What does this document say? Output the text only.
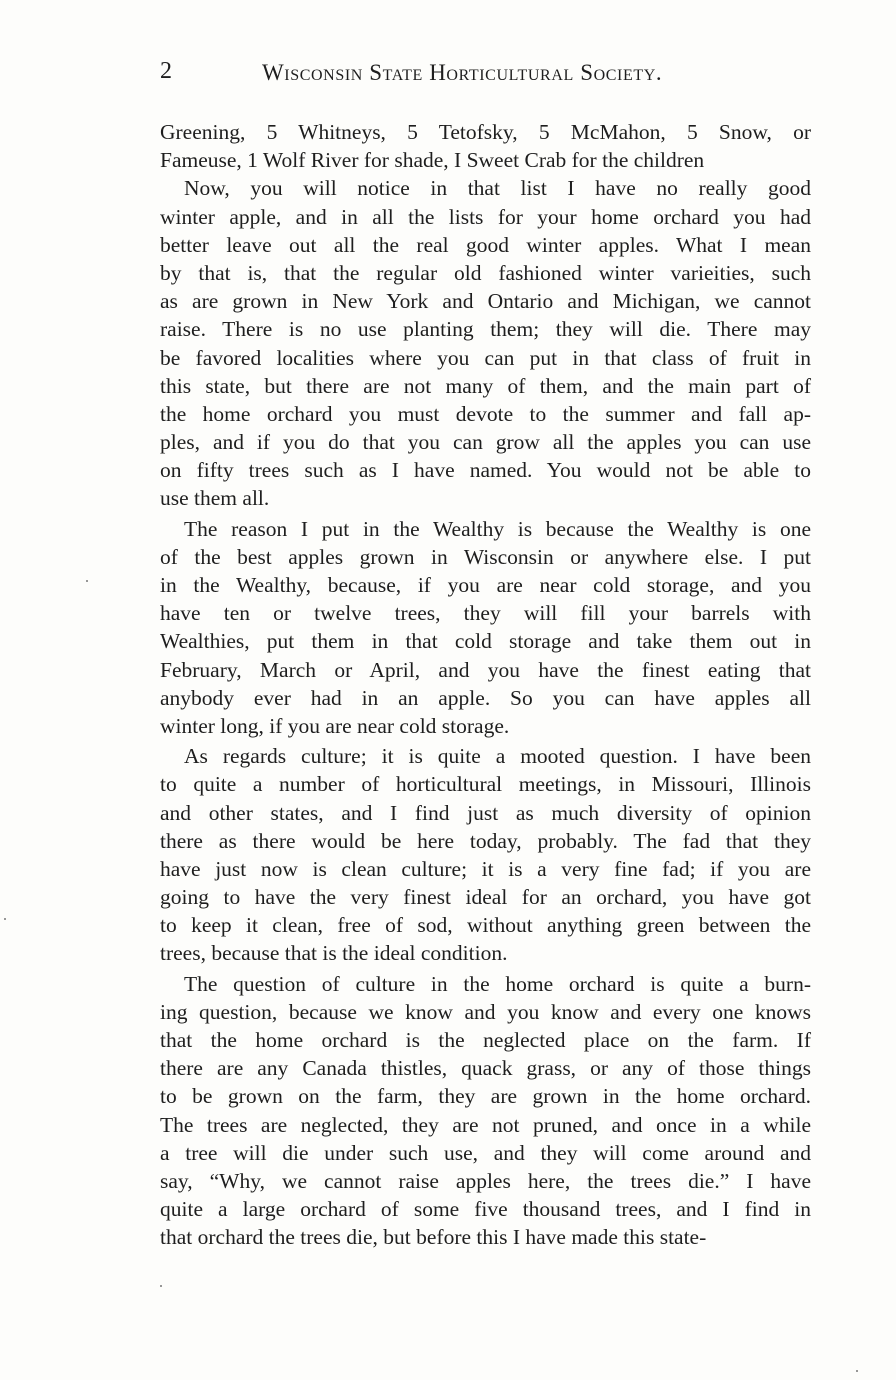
2	Wisconsin State Horticultural Society.
Greening, 5 Whitneys, 5 Tetofsky, 5 McMahon, 5 Snow, or
Fameuse, 1 Wolf River for shade, I Sweet Crab for the children
Now, you will notice in that list I have no really good
winter apple, and in all the lists for your home orchard you had
better leave out all the real good winter apples. What I mean
by that is, that the regular old fashioned winter varieities, such
as are grown in New York and Ontario and Michigan, we cannot
raise. There is no use planting them; they will die. There may
be favored localities where you can put in that class of fruit in
this state, but there are not many of them, and the main part of
the home orchard you must devote to the summer and fall ap-
ples, and if you do that you can grow all the apples you can use
on fifty trees such as I have named. You would not be able to
use them all.
The reason I put in the Wealthy is because the Wealthy is one
of the best apples grown in Wisconsin or anywhere else. I put
in the Wealthy, because, if you are near cold storage, and you
have ten or twelve trees, they will fill your barrels with
Wealthies, put them in that cold storage and take them out in
February, March or April, and you have the finest eating that
anybody ever had in an apple. So you can have apples all
winter long, if you are near cold storage.
As regards culture; it is quite a mooted question. I have been
to quite a number of horticultural meetings, in Missouri, Illinois
and other states, and I find just as much diversity of opinion
there as there would be here today, probably. The fad that they
have just now is clean culture; it is a very fine fad; if you are
going to have the very finest ideal for an orchard, you have got
to keep it clean, free of sod, without anything green between the
trees, because that is the ideal condition.
The question of culture in the home orchard is quite a burn-
ing question, because we know and you know and every one knows
that the home orchard is the neglected place on the farm. If
there are any Canada thistles, quack grass, or any of those things
to be grown on the farm, they are grown in the home orchard.
The trees are neglected, they are not pruned, and once in a while
a tree will die under such use, and they will come around and
say, “Why, we cannot raise apples here, the trees die.” I have
quite a large orchard of some five thousand trees, and I find in
that orchard the trees die, but before this I have made this state-
